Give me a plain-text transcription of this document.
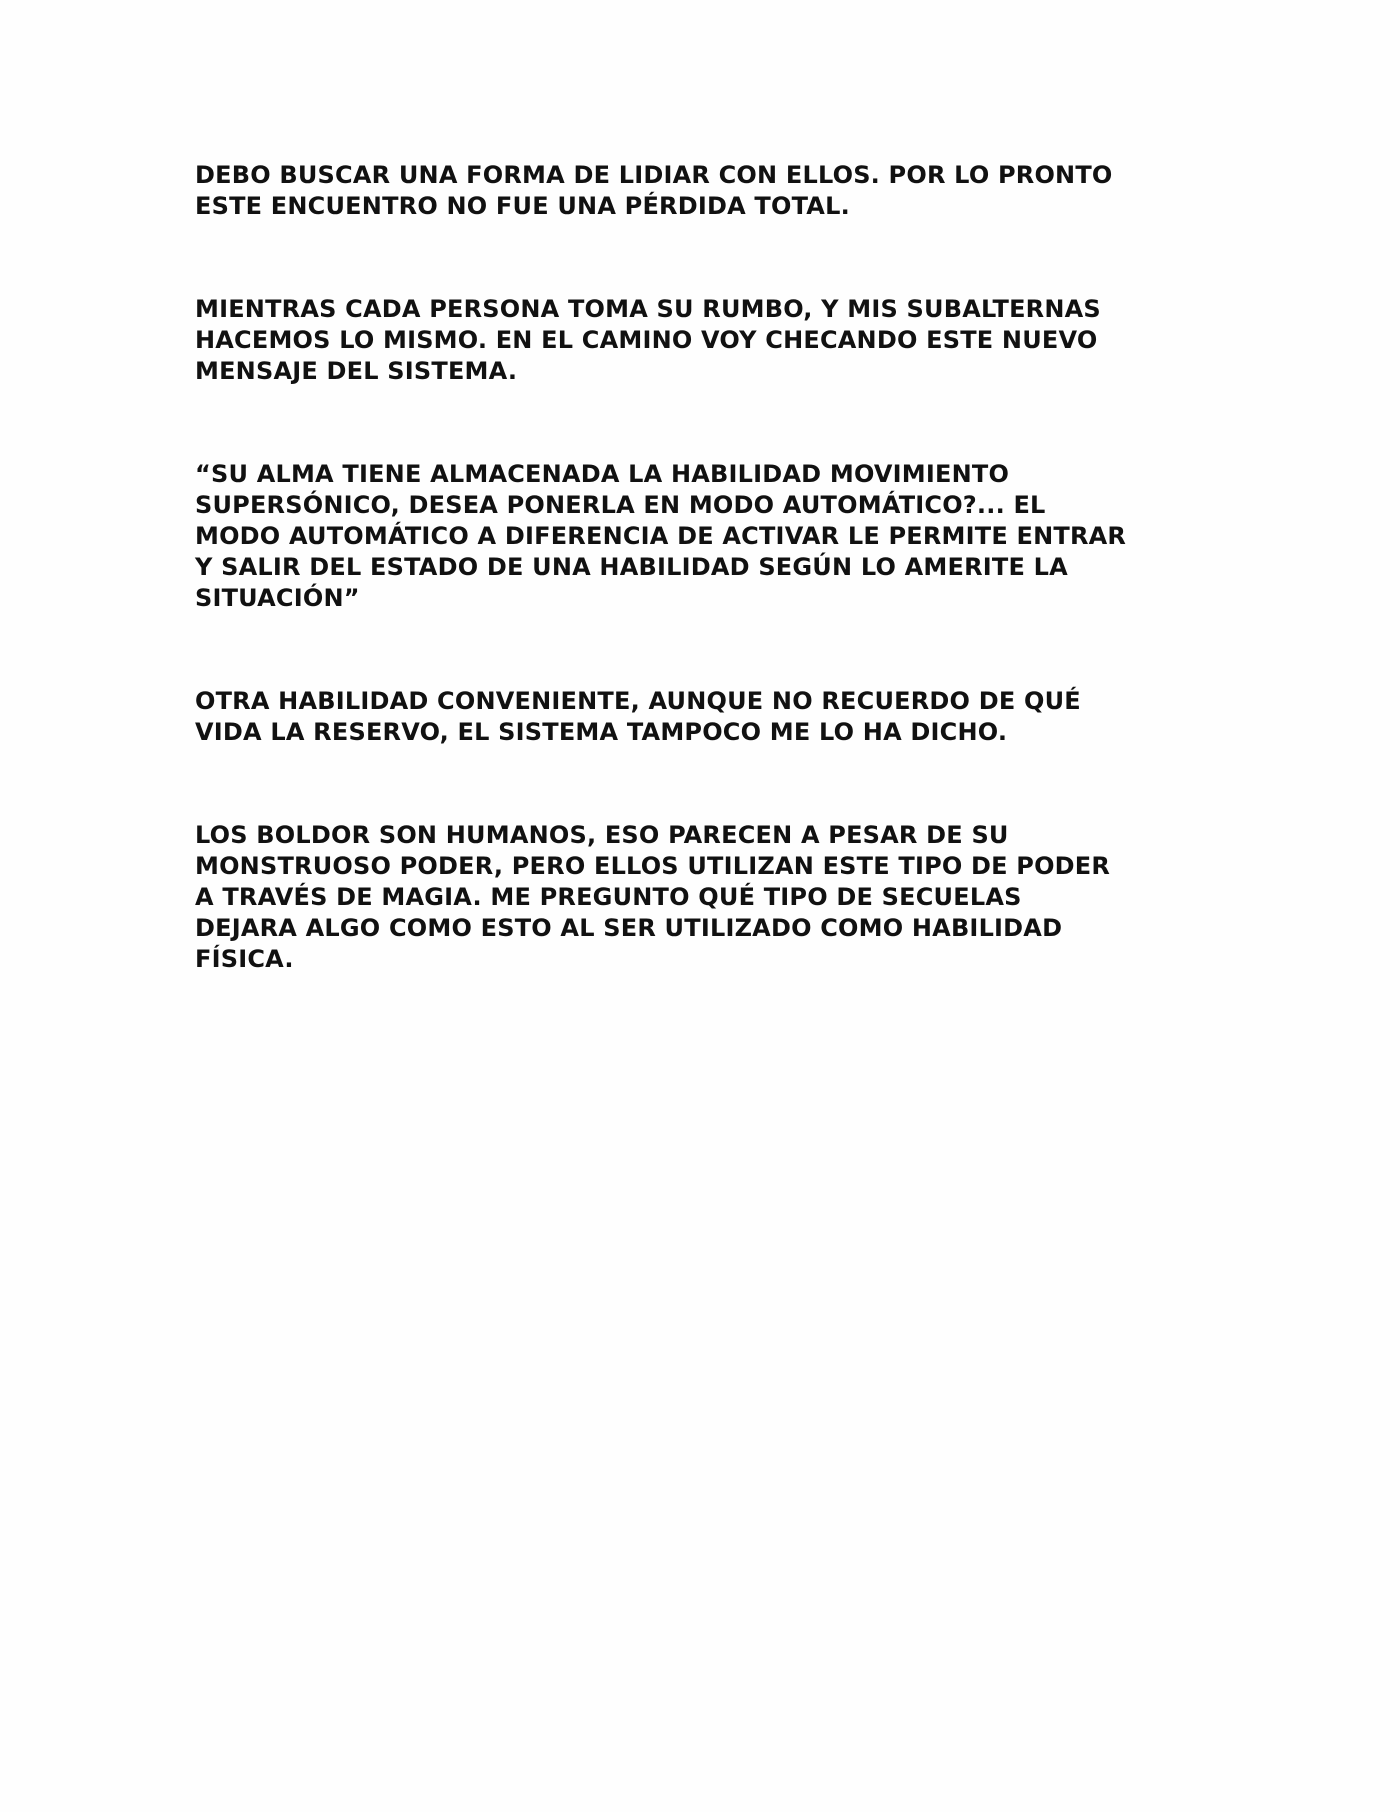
DEBO BUSCAR UNA FORMA DE LIDIAR CON ELLOS. POR LO PRONTO
ESTE ENCUENTRO NO FUE UNA PÉRDIDA TOTAL.

MIENTRAS CADA PERSONA TOMA SU RUMBO, Y MIS SUBALTERNAS
HACEMOS LO MISMO. EN EL CAMINO VOY CHECANDO ESTE NUEVO
MENSAJE DEL SISTEMA.

“SU ALMA TIENE ALMACENADA LA HABILIDAD MOVIMIENTO
SUPERSÓNICO, DESEA PONERLA EN MODO AUTOMÁTICO?... EL
MODO AUTOMÁTICO A DIFERENCIA DE ACTIVAR LE PERMITE ENTRAR
Y SALIR DEL ESTADO DE UNA HABILIDAD SEGÚN LO AMERITE LA
SITUACIÓN”

OTRA HABILIDAD CONVENIENTE, AUNQUE NO RECUERDO DE QUÉ
VIDA LA RESERVO, EL SISTEMA TAMPOCO ME LO HA DICHO.

LOS BOLDOR SON HUMANOS, ESO PARECEN A PESAR DE SU
MONSTRUOSO PODER, PERO ELLOS UTILIZAN ESTE TIPO DE PODER
A TRAVÉS DE MAGIA. ME PREGUNTO QUÉ TIPO DE SECUELAS
DEJARA ALGO COMO ESTO AL SER UTILIZADO COMO HABILIDAD
FÍSICA.
